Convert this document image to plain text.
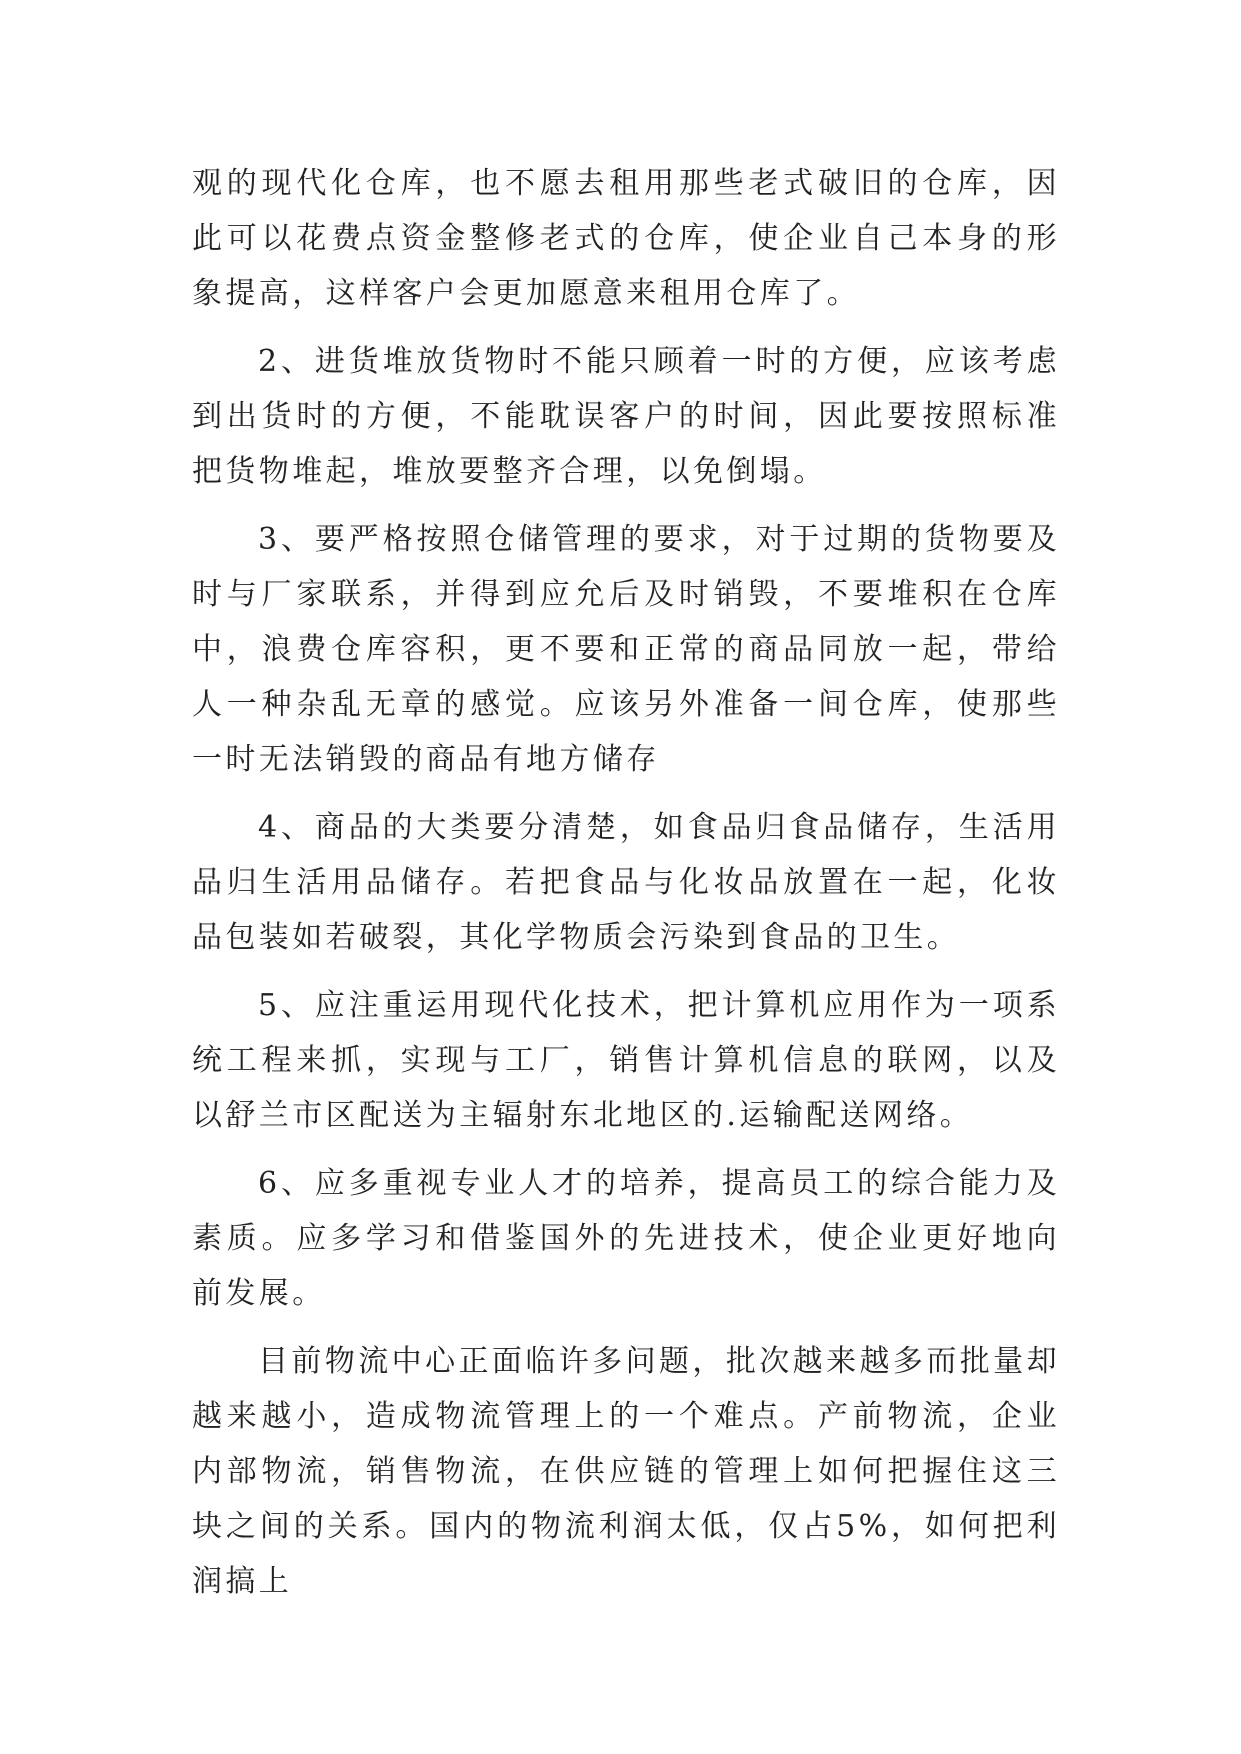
观的现代化仓库，也不愿去租用那些老式破旧的仓库，因此可以花费点资金整修老式的仓库，使企业自己本身的形象提高，这样客户会更加愿意来租用仓库了。

2、进货堆放货物时不能只顾着一时的方便，应该考虑到出货时的方便，不能耽误客户的时间，因此要按照标准把货物堆起，堆放要整齐合理，以免倒塌。

3、要严格按照仓储管理的要求，对于过期的货物要及时与厂家联系，并得到应允后及时销毁，不要堆积在仓库中，浪费仓库容积，更不要和正常的商品同放一起，带给人一种杂乱无章的感觉。应该另外准备一间仓库，使那些一时无法销毁的商品有地方储存

4、商品的大类要分清楚，如食品归食品储存，生活用品归生活用品储存。若把食品与化妆品放置在一起，化妆品包装如若破裂，其化学物质会污染到食品的卫生。

5、应注重运用现代化技术，把计算机应用作为一项系统工程来抓，实现与工厂，销售计算机信息的联网，以及以舒兰市区配送为主辐射东北地区的.运输配送网络。

6、应多重视专业人才的培养，提高员工的综合能力及素质。应多学习和借鉴国外的先进技术，使企业更好地向前发展。

目前物流中心正面临许多问题，批次越来越多而批量却越来越小，造成物流管理上的一个难点。产前物流，企业内部物流，销售物流，在供应链的管理上如何把握住这三块之间的关系。国内的物流利润太低，仅占5%，如何把利润搞上
